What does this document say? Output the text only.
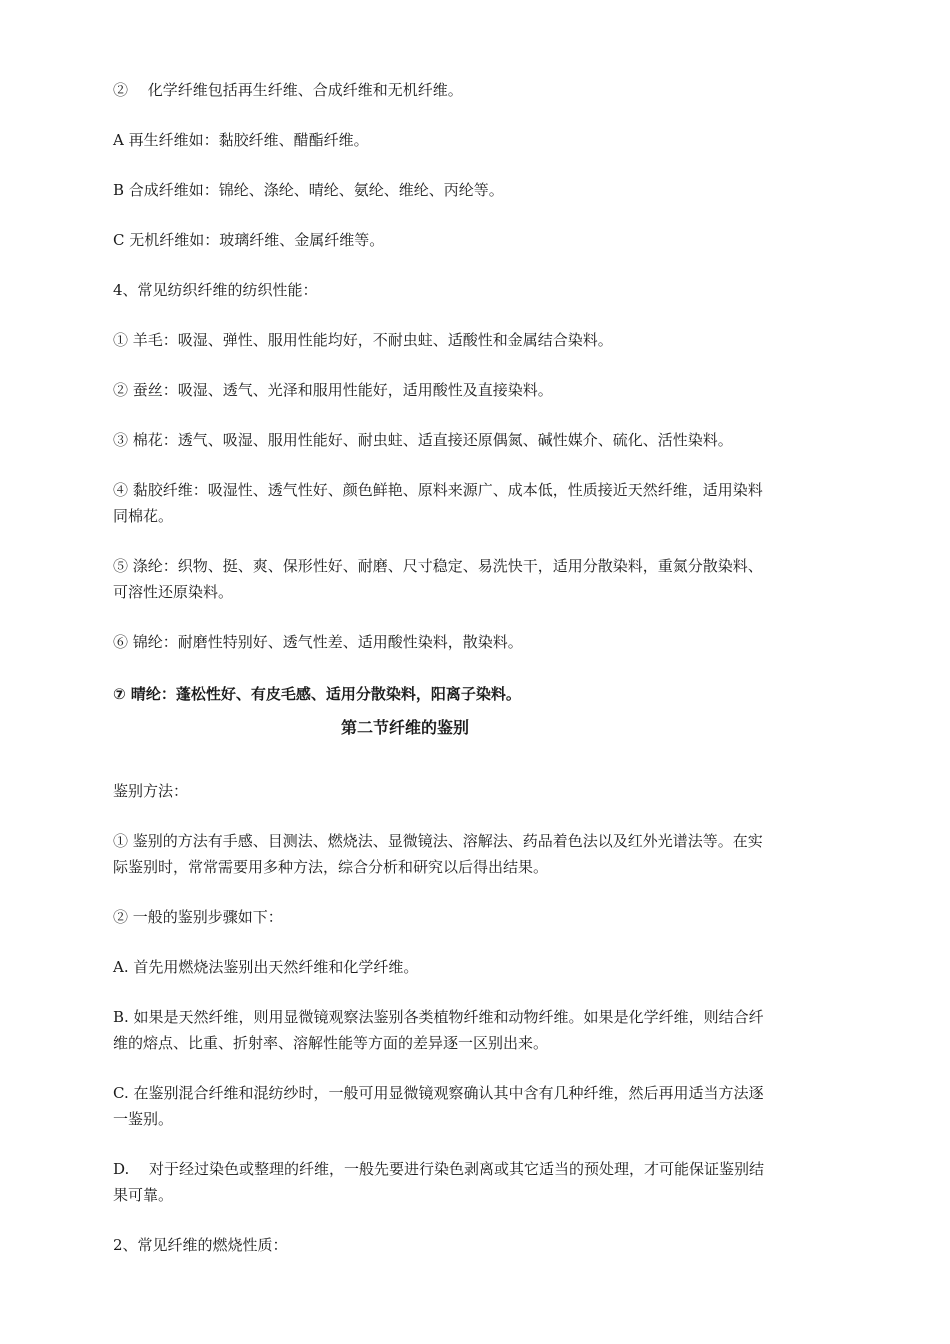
②　 化学纤维包括再生纤维、合成纤维和无机纤维。
A 再生纤维如：黏胶纤维、醋酯纤维。
B 合成纤维如：锦纶、涤纶、晴纶、氨纶、维纶、丙纶等。
C 无机纤维如：玻璃纤维、金属纤维等。
4、常见纺织纤维的纺织性能：
① 羊毛：吸湿、弹性、服用性能均好，不耐虫蛀、适酸性和金属结合染料。
② 蚕丝：吸湿、透气、光泽和服用性能好，适用酸性及直接染料。
③ 棉花：透气、吸湿、服用性能好、耐虫蛀、适直接还原偶氮、碱性媒介、硫化、活性染料。
④ 黏胶纤维：吸湿性、透气性好、颜色鲜艳、原料来源广、成本低，性质接近天然纤维，适用染料
同棉花。
⑤ 涤纶：织物、挺、爽、保形性好、耐磨、尺寸稳定、易洗快干，适用分散染料，重氮分散染料、
可溶性还原染料。
⑥ 锦纶：耐磨性特别好、透气性差、适用酸性染料，散染料。
⑦ 晴纶：蓬松性好、有皮毛感、适用分散染料，阳离子染料。
第二节纤维的鉴别
鉴别方法：
① 鉴别的方法有手感、目测法、燃烧法、显微镜法、溶解法、药品着色法以及红外光谱法等。在实
际鉴别时，常常需要用多种方法，综合分析和研究以后得出结果。
② 一般的鉴别步骤如下：
A. 首先用燃烧法鉴别出天然纤维和化学纤维。
B. 如果是天然纤维，则用显微镜观察法鉴别各类植物纤维和动物纤维。如果是化学纤维，则结合纤
维的熔点、比重、折射率、溶解性能等方面的差异逐一区别出来。
C. 在鉴别混合纤维和混纺纱时，一般可用显微镜观察确认其中含有几种纤维，然后再用适当方法逐
一鉴别。
D.　 对于经过染色或整理的纤维，一般先要进行染色剥离或其它适当的预处理，才可能保证鉴别结
果可靠。
2、常见纤维的燃烧性质：
